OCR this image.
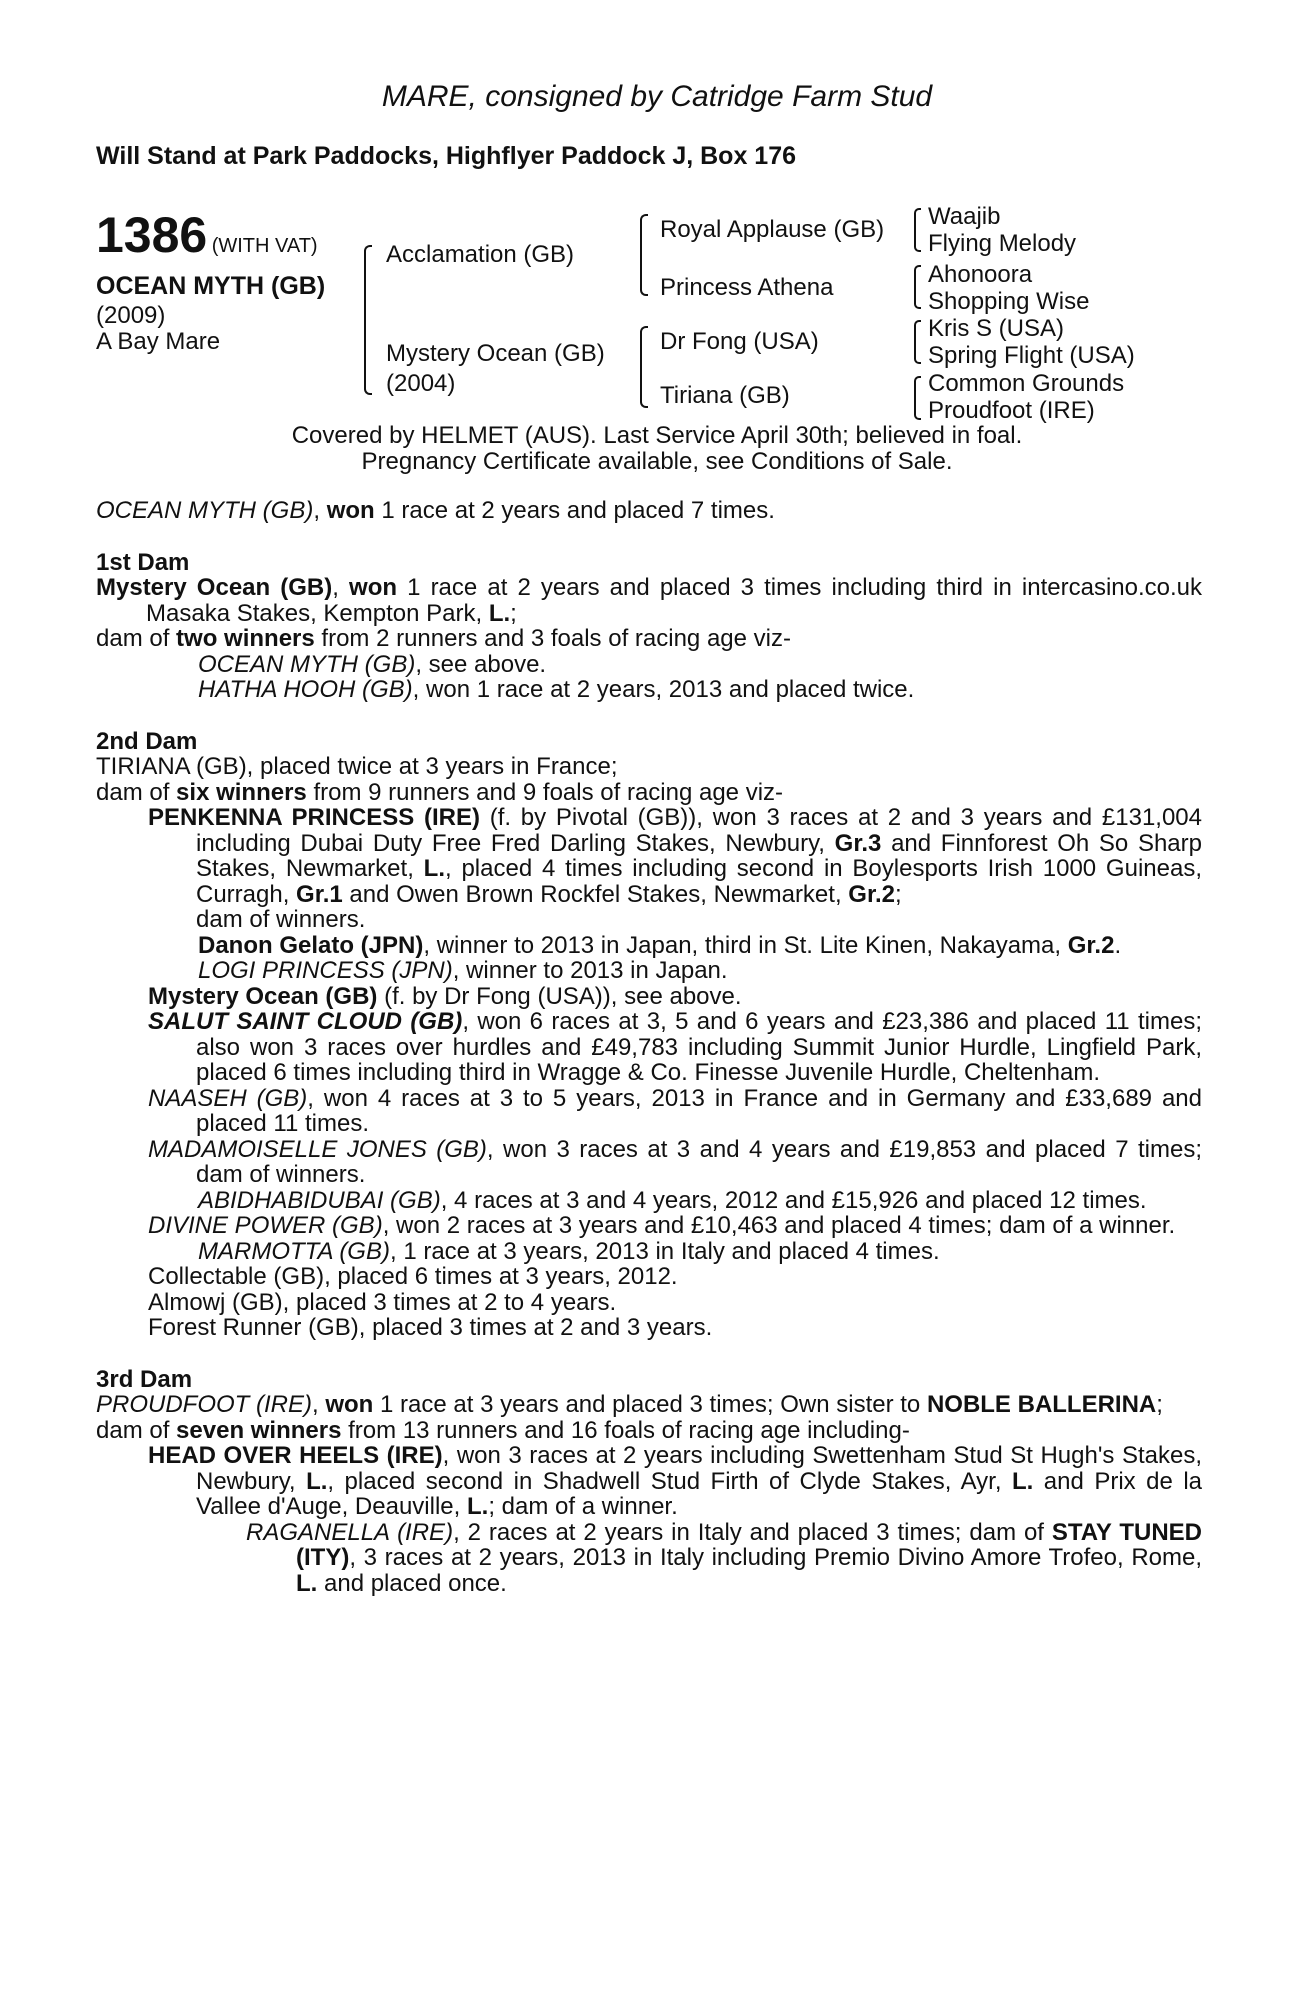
MARE, consigned by Catridge Farm Stud
Will Stand at Park Paddocks, Highflyer Paddock J, Box 176
1386 (WITH VAT)
OCEAN MYTH (GB)
(2009)
A Bay Mare
Acclamation (GB)
Mystery Ocean (GB)
(2004)
Royal Applause (GB)
Princess Athena
Dr Fong (USA)
Tiriana (GB)
Waajib
Flying Melody
Ahonoora
Shopping Wise
Kris S (USA)
Spring Flight (USA)
Common Grounds
Proudfoot (IRE)
Covered by HELMET (AUS). Last Service April 30th; believed in foal.
Pregnancy Certificate available, see Conditions of Sale.

OCEAN MYTH (GB), won 1 race at 2 years and placed 7 times.

1st Dam

Mystery Ocean (GB), won 1 race at 2 years and placed 3 times including third in intercasino.co.uk Masaka Stakes, Kempton Park, L.;

dam of two winners from 2 runners and 3 foals of racing age viz-

OCEAN MYTH (GB), see above.

HATHA HOOH (GB), won 1 race at 2 years, 2013 and placed twice.

2nd Dam

TIRIANA (GB), placed twice at 3 years in France;

dam of six winners from 9 runners and 9 foals of racing age viz-

PENKENNA PRINCESS (IRE) (f. by Pivotal (GB)), won 3 races at 2 and 3 years and £131,004 including Dubai Duty Free Fred Darling Stakes, Newbury, Gr.3 and Finnforest Oh So Sharp Stakes, Newmarket, L., placed 4 times including second in Boylesports Irish 1000 Guineas, Curragh, Gr.1 and Owen Brown Rockfel Stakes, Newmarket, Gr.2;
dam of winners.

Danon Gelato (JPN), winner to 2013 in Japan, third in St. Lite Kinen, Nakayama, Gr.2.

LOGI PRINCESS (JPN), winner to 2013 in Japan.

Mystery Ocean (GB) (f. by Dr Fong (USA)), see above.

SALUT SAINT CLOUD (GB), won 6 races at 3, 5 and 6 years and £23,386 and placed 11 times; also won 3 races over hurdles and £49,783 including Summit Junior Hurdle, Lingfield Park, placed 6 times including third in Wragge & Co. Finesse Juvenile Hurdle, Cheltenham.

NAASEH (GB), won 4 races at 3 to 5 years, 2013 in France and in Germany and £33,689 and placed 11 times.

MADAMOISELLE JONES (GB), won 3 races at 3 and 4 years and £19,853 and placed 7 times; dam of winners.

ABIDHABIDUBAI (GB), 4 races at 3 and 4 years, 2012 and £15,926 and placed 12 times.

DIVINE POWER (GB), won 2 races at 3 years and £10,463 and placed 4 times; dam of a winner.

MARMOTTA (GB), 1 race at 3 years, 2013 in Italy and placed 4 times.

Collectable (GB), placed 6 times at 3 years, 2012.

Almowj (GB), placed 3 times at 2 to 4 years.

Forest Runner (GB), placed 3 times at 2 and 3 years.

3rd Dam

PROUDFOOT (IRE), won 1 race at 3 years and placed 3 times; Own sister to NOBLE BALLERINA;

dam of seven winners from 13 runners and 16 foals of racing age including-

HEAD OVER HEELS (IRE), won 3 races at 2 years including Swettenham Stud St Hugh's Stakes, Newbury, L., placed second in Shadwell Stud Firth of Clyde Stakes, Ayr, L. and Prix de la Vallee d'Auge, Deauville, L.; dam of a winner.

RAGANELLA (IRE), 2 races at 2 years in Italy and placed 3 times; dam of STAY TUNED (ITY), 3 races at 2 years, 2013 in Italy including Premio Divino Amore Trofeo, Rome, L. and placed once.
